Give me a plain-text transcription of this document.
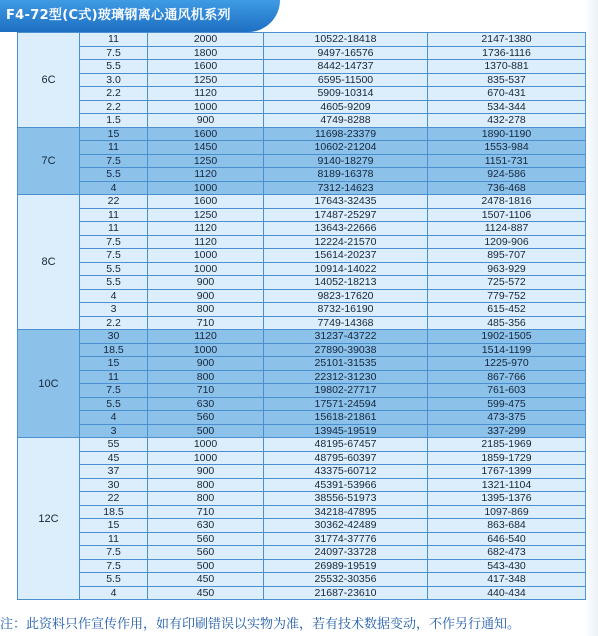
F4-72型(C式)玻璃钢离心通风机系列
6C	11	2000	10522-18418	2147-1380
	7.5	1800	9497-16576	1736-1116
	5.5	1600	8442-14737	1370-881
	3.0	1250	6595-11500	835-537
	2.2	1120	5909-10314	670-431
	2.2	1000	4605-9209	534-344
	1.5	900	4749-8288	432-278
7C	15	1600	11698-23379	1890-1190
	11	1450	10602-21204	1553-984
	7.5	1250	9140-18279	1151-731
	5.5	1120	8189-16378	924-586
	4	1000	7312-14623	736-468
8C	22	1600	17643-32435	2478-1816
	11	1250	17487-25297	1507-1106
	11	1120	13643-22666	1124-887
	7.5	1120	12224-21570	1209-906
	7.5	1000	15614-20237	895-707
	5.5	1000	10914-14022	963-929
	5.5	900	14052-18213	725-572
	4	900	9823-17620	779-752
	3	800	8732-16190	615-452
	2.2	710	7749-14368	485-356
10C	30	1120	31237-43722	1902-1505
	18.5	1000	27890-39038	1514-1199
	15	900	25101-31535	1225-970
	11	800	22312-31230	867-766
	7.5	710	19802-27717	761-603
	5.5	630	17571-24594	599-475
	4	560	15618-21861	473-375
	3	500	13945-19519	337-299
12C	55	1000	48195-67457	2185-1969
	45	1000	48795-60397	1859-1729
	37	900	43375-60712	1767-1399
	30	800	45391-53966	1321-1104
	22	800	38556-51973	1395-1376
	18.5	710	34218-47895	1097-869
	15	630	30362-42489	863-684
	11	560	31774-37776	646-540
	7.5	560	24097-33728	682-473
	7.5	500	26989-19519	543-430
	5.5	450	25532-30356	417-348
	4	450	21687-23610	440-434
注：此资料只作宣传作用，如有印刷错误以实物为准，若有技术数据变动，不作另行通知。
